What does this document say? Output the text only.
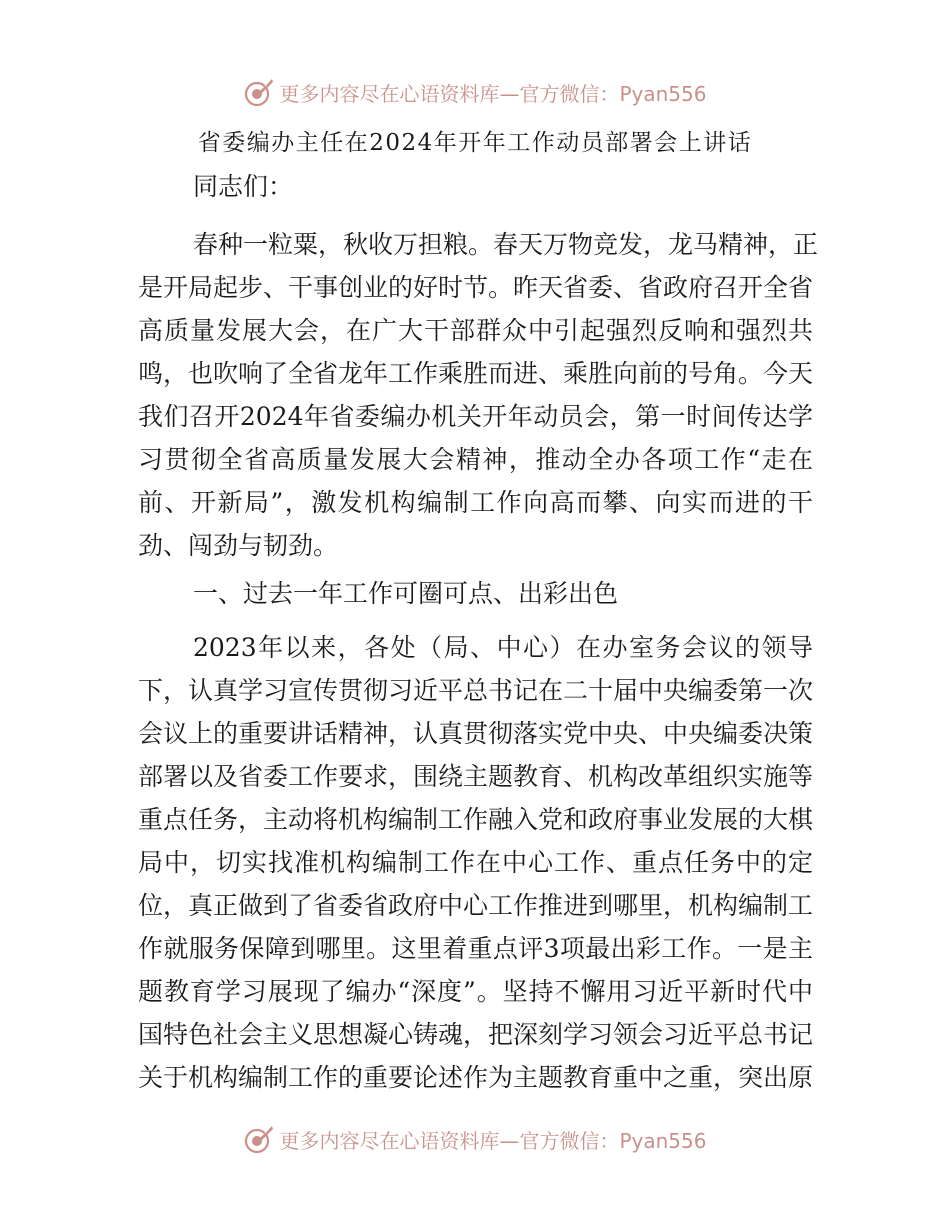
更多内容尽在心语资料库—官方微信：Pyan556
省委编办主任在2024年开年工作动员部署会上讲话
同志们：
春种一粒粟，秋收万担粮。春天万物竞发，龙马精神，正
是开局起步、干事创业的好时节。昨天省委、省政府召开全省
高质量发展大会，在广大干部群众中引起强烈反响和强烈共
鸣，也吹响了全省龙年工作乘胜而进、乘胜向前的号角。今天
我们召开2024年省委编办机关开年动员会，第一时间传达学
习贯彻全省高质量发展大会精神，推动全办各项工作“走在
前、开新局”，激发机构编制工作向高而攀、向实而进的干
劲、闯劲与韧劲。
一、过去一年工作可圈可点、出彩出色
2023年以来，各处（局、中心）在办室务会议的领导
下，认真学习宣传贯彻习近平总书记在二十届中央编委第一次
会议上的重要讲话精神，认真贯彻落实党中央、中央编委决策
部署以及省委工作要求，围绕主题教育、机构改革组织实施等
重点任务，主动将机构编制工作融入党和政府事业发展的大棋
局中，切实找准机构编制工作在中心工作、重点任务中的定
位，真正做到了省委省政府中心工作推进到哪里，机构编制工
作就服务保障到哪里。这里着重点评3项最出彩工作。一是主
题教育学习展现了编办“深度”。坚持不懈用习近平新时代中
国特色社会主义思想凝心铸魂，把深刻学习领会习近平总书记
关于机构编制工作的重要论述作为主题教育重中之重，突出原
更多内容尽在心语资料库—官方微信：Pyan556
